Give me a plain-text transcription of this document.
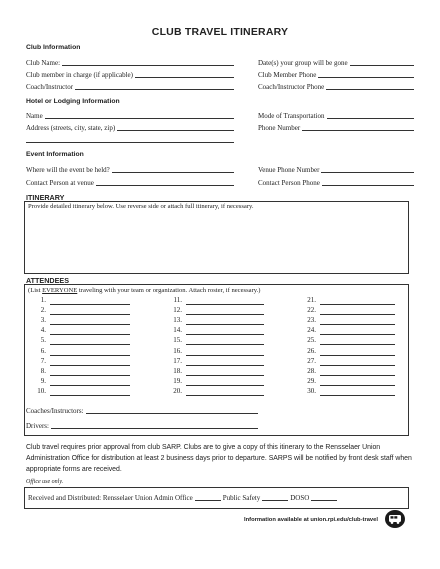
CLUB TRAVEL ITINERARY
Club Information
Club Name:
Club member in charge (if applicable)
Coach/Instructor
Date(s) your group will be gone
Club Member Phone
Coach/Instructor Phone
Hotel or Lodging Information
Name
Address (streets, city, state, zip)
Mode of Transportation
Phone Number
Event Information
Where will the event be held?
Contact Person at venue
Venue Phone Number
Contact Person Phone
ITINERARY
Provide detailed itinerary below. Use reverse side or attach full itinerary, if necessary.
ATTENDEES
(List EVERYONE traveling with your team or organization. Attach roster, if necessary.)
1.
2.
3.
4.
5.
6.
7.
8.
9.
10.
11.
12.
13.
14.
15.
16.
17.
18.
19.
20.
21.
22.
23.
24.
25.
26.
27.
28.
29.
30.
Coaches/Instructors:
Drivers:
Club travel requires prior approval from club SARP. Clubs are to give a copy of this itinerary to the Rensselaer Union Administration Office for distribution at least 2 business days prior to departure. SARPS will be notified by front desk staff when appropriate forms are received.
Office use only.
Received and Distributed: Rensselaer Union Admin Office	Public Safety	DOSO
Information available at union.rpi.edu/club-travel
